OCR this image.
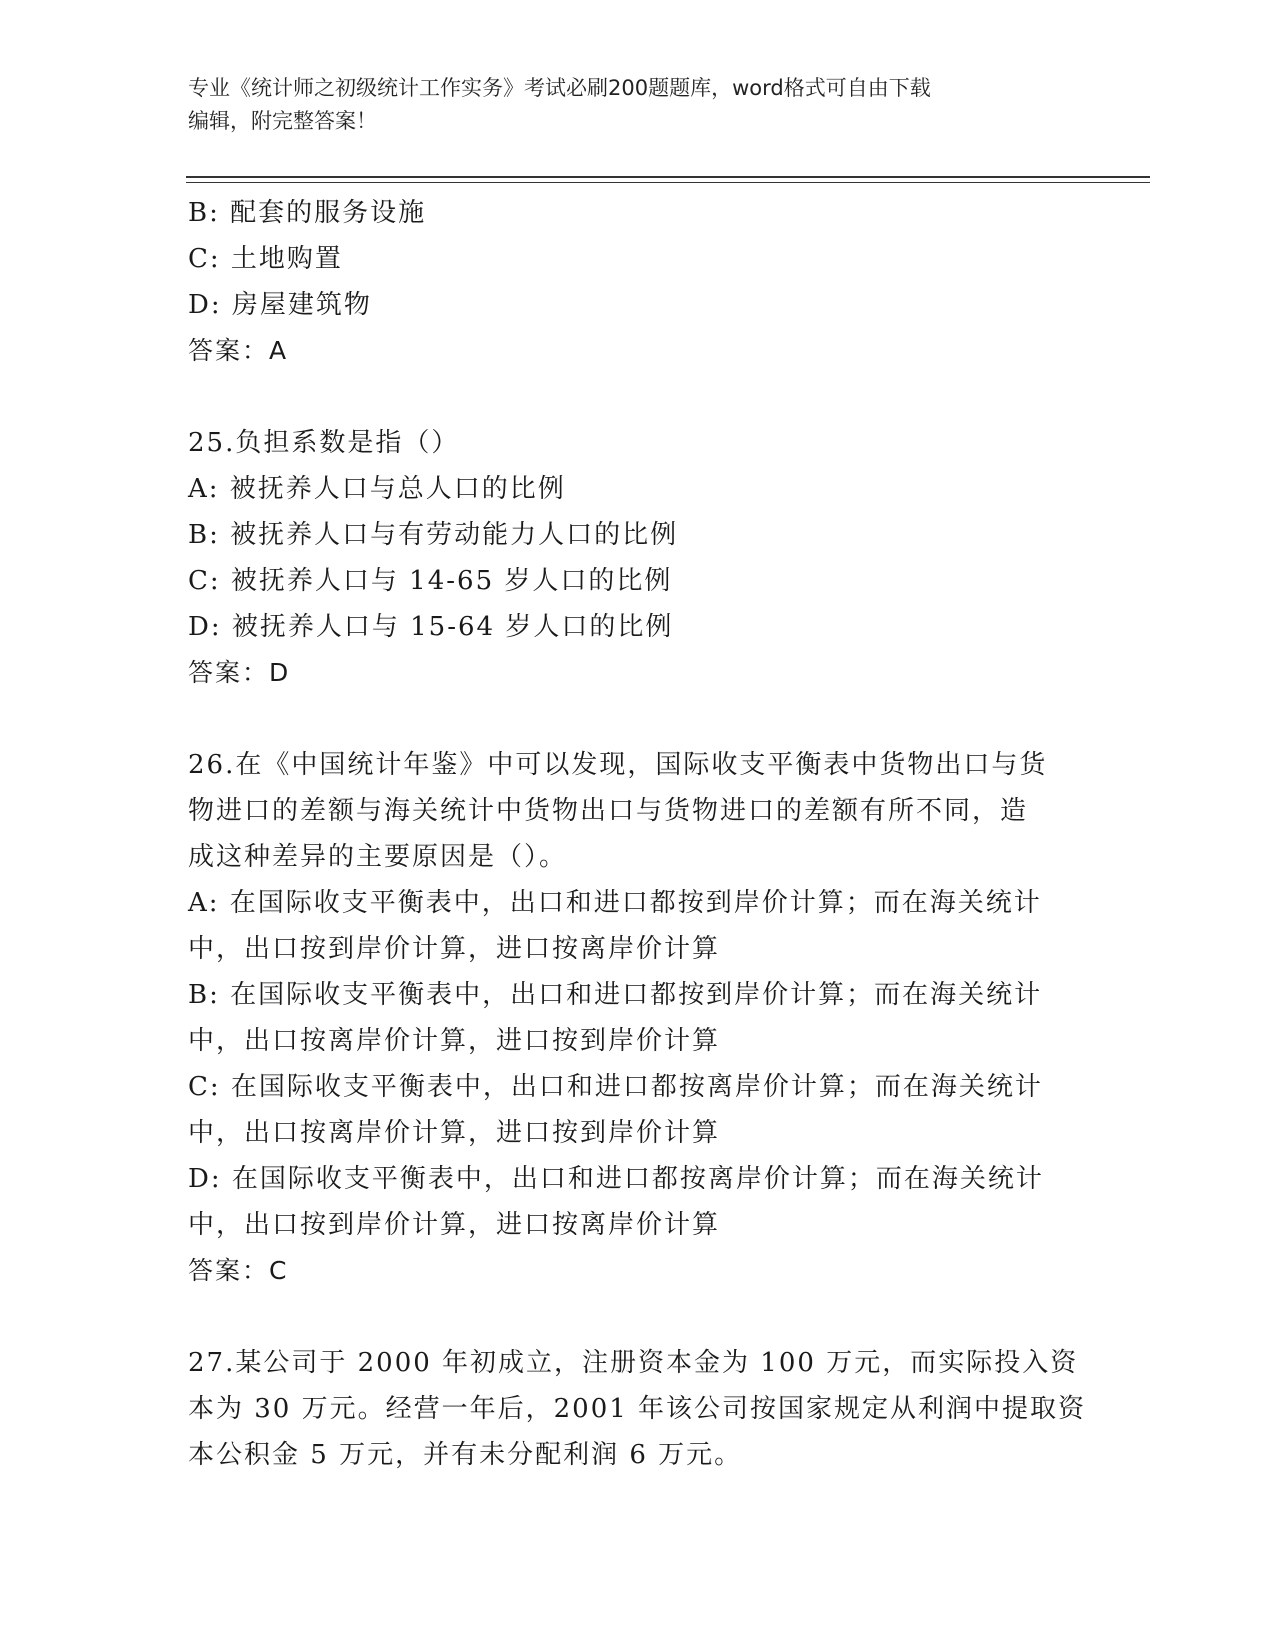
专业《统计师之初级统计工作实务》考试必刷200题题库，word格式可自由下载
编辑，附完整答案！
B: 配套的服务设施
C: 土地购置
D: 房屋建筑物
答案：A
25.负担系数是指（）
A: 被抚养人口与总人口的比例
B: 被抚养人口与有劳动能力人口的比例
C: 被抚养人口与 14-65 岁人口的比例
D: 被抚养人口与 15-64 岁人口的比例
答案：D
26.在《中国统计年鉴》中可以发现，国际收支平衡表中货物出口与货
物进口的差额与海关统计中货物出口与货物进口的差额有所不同，造
成这种差异的主要原因是（）。
A: 在国际收支平衡表中，出口和进口都按到岸价计算；而在海关统计
中，出口按到岸价计算，进口按离岸价计算
B: 在国际收支平衡表中，出口和进口都按到岸价计算；而在海关统计
中，出口按离岸价计算，进口按到岸价计算
C: 在国际收支平衡表中，出口和进口都按离岸价计算；而在海关统计
中，出口按离岸价计算，进口按到岸价计算
D: 在国际收支平衡表中，出口和进口都按离岸价计算；而在海关统计
中，出口按到岸价计算，进口按离岸价计算
答案：C
27.某公司于 2000 年初成立，注册资本金为 100 万元，而实际投入资
本为 30 万元。经营一年后，2001 年该公司按国家规定从利润中提取资
本公积金 5 万元，并有未分配利润 6 万元。
